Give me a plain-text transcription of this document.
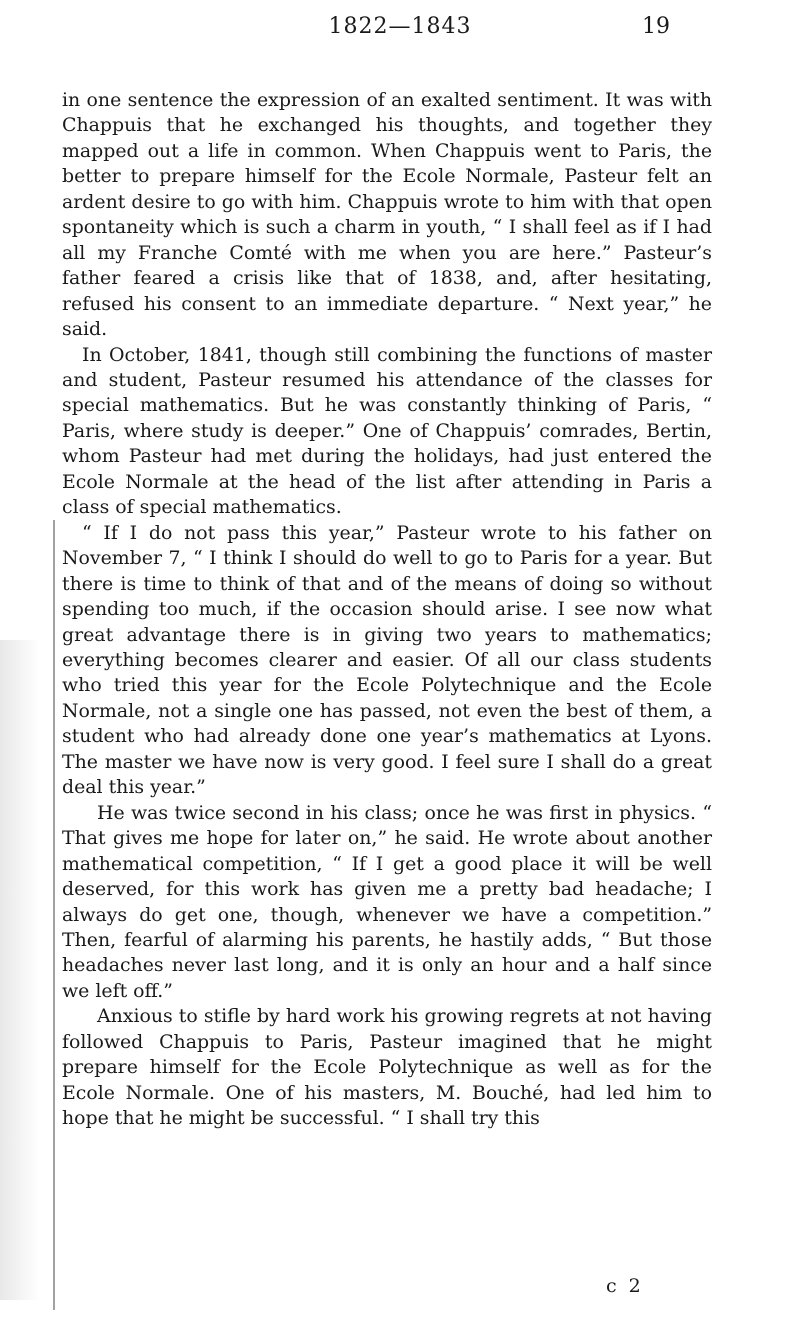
1822—1843	19

in one sentence the expression of an exalted sentiment. It was with Chappuis that he exchanged his thoughts, and together they mapped out a life in common. When Chappuis went to Paris, the better to prepare himself for the Ecole Normale, Pasteur felt an ardent desire to go with him. Chappuis wrote to him with that open spontaneity which is such a charm in youth, “ I shall feel as if I had all my Franche Comté with me when you are here.” Pasteur’s father feared a crisis like that of 1838, and, after hesitating, refused his consent to an immediate departure. “ Next year,” he said.

In October, 1841, though still combining the functions of master and student, Pasteur resumed his attendance of the classes for special mathematics. But he was constantly thinking of Paris, “ Paris, where study is deeper.” One of Chappuis’ comrades, Bertin, whom Pasteur had met during the holidays, had just entered the Ecole Normale at the head of the list after attending in Paris a class of special mathematics.

“ If I do not pass this year,” Pasteur wrote to his father on November 7, “ I think I should do well to go to Paris for a year. But there is time to think of that and of the means of doing so without spending too much, if the occasion should arise. I see now what great advantage there is in giving two years to mathematics; everything becomes clearer and easier. Of all our class students who tried this year for the Ecole Polytechnique and the Ecole Normale, not a single one has passed, not even the best of them, a student who had already done one year’s mathematics at Lyons. The master we have now is very good. I feel sure I shall do a great deal this year.”

He was twice second in his class; once he was first in physics. “ That gives me hope for later on,” he said. He wrote about another mathematical competition, “ If I get a good place it will be well deserved, for this work has given me a pretty bad headache; I always do get one, though, whenever we have a competition.” Then, fearful of alarming his parents, he hastily adds, “ But those headaches never last long, and it is only an hour and a half since we left off.”

Anxious to stifle by hard work his growing regrets at not having followed Chappuis to Paris, Pasteur imagined that he might prepare himself for the Ecole Polytechnique as well as for the Ecole Normale. One of his masters, M. Bouché, had led him to hope that he might be successful. “ I shall try this

c 2
